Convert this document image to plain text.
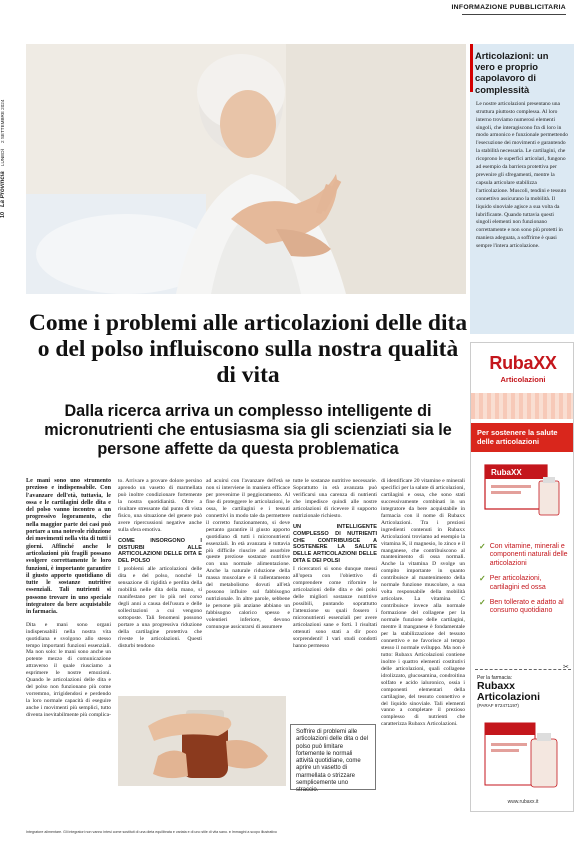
10 La Provincia LUNEDÌ 2 SETTEMBRE 2024
INFORMAZIONE PUBBLICITARIA
Articolazioni: un vero e proprio capolavoro di complessità

Le nostre articolazioni presentano una struttura piuttosto complessa. Al loro interno troviamo numerosi elementi singoli, che interagiscono fra di loro in modo armonico e funzionale permettendo l'esecuzione dei movimenti e garantendo la stabilità necessaria. Le cartilagini, che ricoprono le superfici articolari, fungono ad esempio da barriera protettiva per prevenire gli sfregamenti, mentre la capsula articolare stabilizza l'articolazione. Muscoli, tendini e tessuto connettivo assicurano la mobilità. Il liquido sinoviale agisce a sua volta da lubrificante. Quando tuttavia questi singoli elementi non funzionano correttamente e non sono più protetti in maniera adeguata, a soffrirne è quasi sempre l'intera articolazione.

Come i problemi alle articolazioni delle dita o del polso influiscono sulla nostra qualità di vita
Dalla ricerca arriva un complesso intelligente di micronutrienti che entusiasma sia gli scienziati sia le persone affette da questa problematica

Le mani sono uno strumento prezioso e indispensabile. Con l'avanzare dell'età, tuttavia, le ossa e le cartilagini delle dita e del polso vanno incontro a un progressivo logoramento, che nella maggior parte dei casi può portare a una notevole riduzione dei movimenti nella vita di tutti i giorni. Affinché anche le articolazioni più fragili possano svolgere correttamente le loro funzioni, è importante garantire il giusto apporto quotidiano di tutte le sostanze nutritive essenziali. Tali nutrienti si possono trovare in uno speciale integratore da bere acquistabile in farmacia.

Dita e mani sono organi indispensabili nella nostra vita quotidiana e svolgono allo stesso tempo importanti funzioni essenziali. Ma non solo: le mani sono anche un potente mezzo di comunicazione attraverso il quale riusciamo a esprimere le nostre emozioni. Quando le articolazioni delle dita e del polso non funzionano più come vorremmo, irrigidendosi e perdendo la loro normale capacità di eseguire anche i movimenti più semplici, tutto diventa inevitabilmente più complica-

to. Arrivare a provare dolore persino aprendo un vasetto di marmellata può inoltre condizionare fortemente la nostra quotidianità. Oltre a risultare stressante dal punto di vista fisico, una situazione del genere può avere ripercussioni negative anche sulla sfera emotiva.

COME INSORGONO I DISTURBI ALLE ARTICOLAZIONI DELLE DITA E DEL POLSO

I problemi alle articolazioni delle dita e del polso, nonché la sensazione di rigidità e perdita della mobilità nelle dita della mano, si manifestano per lo più nel corso degli anni a causa dell'usura e delle sollecitazioni a cui vengono sottoposte. Tali fenomeni possono portare a una progressiva riduzione della cartilagine protettiva che riveste le articolazioni. Questi disturbi tendono

ad acuirsi con l'avanzare dell'età se non si interviene in maniera efficace per prevenirne il peggioramento. Al fine di proteggere le articolazioni, le ossa, le cartilagini e i tessuti connettivi in modo tale da permettere il corretto funzionamento, si deve pertanto garantire il giusto apporto quotidiano di tutti i micronutrienti essenziali. In età avanzata è tuttavia più difficile riuscire ad assorbire queste preziose sostanze nutritive con una normale alimentazione. Anche la naturale riduzione della massa muscolare e il rallentamento del metabolismo dovuti all'età possono influire sul fabbisogno nutrizionale. In altre parole, sebbene le persone più anziane abbiano un fabbisogno calorico spesso e volentieri inferiore, devono comunque assicurarsi di assumere

tutte le sostanze nutritive necessarie. Soprattutto in età avanzata può verificarsi una carenza di nutrienti che impedisce quindi alle nostre articolazioni di ricevere il supporto nutrizionale richiesto.

UN INTELLIGENTE COMPLESSO DI NUTRIENTI CHE CONTRIBUISCE A SOSTENERE LA SALUTE DELLE ARTICOLAZIONI DELLE DITA E DEI POLSI

I ricercatori si sono dunque messi all'opera con l'obiettivo di comprendere come rifornire le articolazioni delle dita e dei polsi delle migliori sostanze nutritive possibili, puntando soprattutto l'attenzione su quali fossero i micronutrienti essenziali per avere articolazioni sane e forti. I risultati ottenuti sono stati a dir poco sorprendenti! I vari studi condotti hanno permesso

di identificare 20 vitamine e minerali specifici per la salute di articolazioni, cartilagini e ossa, che sono stati successivamente combinati in un integratore da bere acquistabile in farmacia con il nome di Rubaxx Articolazioni. Tra i preziosi ingredienti contenuti in Rubaxx Articolazioni troviamo ad esempio la vitamina K, il magnesio, lo zinco e il manganese, che contribuiscono al mantenimento di ossa normali. Anche la vitamina D svolge un compito importante in quanto contribuisce al mantenimento della normale funzione muscolare, a sua volta responsabile della mobilità articolare. La vitamina C contribuisce invece alla normale formazione del collagene per la normale funzione delle cartilagini, mentre il manganese è fondamentale per la stabilizzazione del tessuto connettivo e ne favorisce al tempo stesso il normale sviluppo. Ma non è tutto: Rubaxx Articolazioni contiene inoltre i quattro elementi costitutivi delle articolazioni, quali collagene idrolizzato, glucosamina, condroitina solfato e acido ialuronico, ossia i componenti elementari della cartilagine, del tessuto connettivo e del liquido sinoviale. Tali elementi vanno a completare il prezioso complesso di nutrienti che caratterizza Rubaxx Articolazioni.

Soffrire di problemi alle articolazioni delle dita o del polso può limitare fortemente le normali attività quotidiane, come aprire un vasetto di marmellata o strizzare semplicemente uno straccio.
Integratore alimentare. Gli integratori non vanno intesi come sostituti di una dieta equilibrata e variata e di uno stile di vita sano. ♦ Immagini a scopo illustrativo
RubaXX
Articolazioni
Per sostenere la salute delle articolazioni
RubaXX
✓ Con vitamine, minerali e componenti naturali delle articolazioni
✓ Per articolazioni, cartilagini ed ossa
✓ Ben tollerato e adatto al consumo quotidiano
✂
Per la farmacia:
Rubaxx Articolazioni
(PARAF 972471197)
www.rubaxx.it
